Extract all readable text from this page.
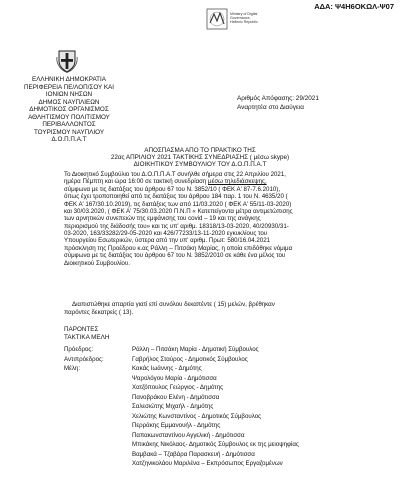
ΑΔΑ: Ψ4Η6ΟΚΩΛ-Ψ07
Ministry of Digital
Governance,
Hellenic Republic
ΕΛΛΗΝΙΚΗ ΔΗΜΟΚΡΑΤΙΑ
ΠΕΡΙΦΕΡΕΙΑ ΠΕ/ΛΟΠ/ΣΟΥ ΚΑΙ
ΙΟΝΙΩΝ ΝΗΣΩΝ
ΔΗΜΟΣ ΝΑΥΠΛΙΕΩΝ
ΔΗΜΟΤΙΚΟΣ ΟΡΓΑΝΙΣΜΟΣ
ΑΘΛΗΤΙΣΜΟΥ ΠΟΛΙΤΙΣΜΟΥ
ΠΕΡΙΒΑΛΛΟΝΤΟΣ
ΤΟΥΡΙΣΜΟΥ ΝΑΥΠΛΙΟΥ
Δ.Ο.Π.Π.Α.Τ
Αριθμός Απόφασης: 29/2021
Αναρτητέα στο Διαύγεια
ΑΠΟΣΠΑΣΜΑ ΑΠΟ ΤΟ ΠΡΑΚΤΙΚΟ ΤΗΣ
22ας ΑΠΡΙΛΙΟΥ 2021 ΤΑΚΤΙΚΗΣ ΣΥΝΕΔΡΙΑΣΗΣ ( μέσω skype)
ΔΙΟΙΚΗΤΙΚΟΥ ΣΥΜΒΟΥΛΙΟΥ ΤΟΥ Δ.Ο.Π.Π.Α.Τ
Το Διοικητικό Συμβούλιο του Δ.Ο.Π.Π.Α.Τ συνήλθε σήμερα στις 22 Απριλίου 2021,
ημέρα Πέμπτη και ώρα 16:00 σε τακτική συνεδρίαση μέσω τηλεδιάσκεψης,
σύμφωνα με τις διατάξεις του άρθρου 67 του Ν. 3852/10 ( ΦΕΚ Α' 87-7.6.2010),
όπως έχει τροποποιηθεί από τις διατάξεις του άρθρου 184 παρ. 1 του Ν. 4635/20 (
ΦΕΚ Α' 167/30.10.2019), τις διατάξεις των από 11/03.2020 ( ΦΕΚ Α' 55/11-03-2020)
και 30/03.2020, ( ΦΕΚ Α' 75/30.03.2020 Π.Ν.Π « Κατεπείγοντα μέτρα αντιμετώπισης
των αρνητικών συνεπειών της εμφάνισης του covid – 19 και της ανάγκης
περιορισμού της διάδοσής του» και τις υπ' αριθμ. 18318/13-03-2020, 40/20930/31-
03-2020, 163/33282/29-05-2020 και 426/77233/13-11-2020 εγκυκλίους του
Υπουργείου Εσωτερικών, ύστερα από την υπ' αριθμ. Πρωτ: 580/16.04.2021
πρόσκληση της Προέδρου κ.ας Ράλλη – Πιτσάκη Μαρίας, η οποία επιδόθηκε νόμιμα
σύμφωνα με τις διατάξεις του άρθρου 67 του Ν. 3852/2010 σε κάθε ένα μέλος του
Διοικητικού Συμβουλίου.
Διαπιστώθηκε απαρτία γιατί επί συνόλου δεκαπέντε ( 15) μελών, βρέθηκαν
παρόντες δεκατρείς ( 13).
ΠΑΡΟΝΤΕΣ
ΤΑΚΤΙΚΑ ΜΕΛΗ
Πρόεδρος:	Ράλλη – Πιτσάκη Μαρία - Δημοτική Σύμβουλος
Αντιπρόεδρος:	Γαβρήλος Σταύρος - Δημοτικός Σύμβουλος
Μέλη:	Κακάς Ιωάννης - Δημότης
Ψαρολόγου Μαρία - Δημότισσα
Χατζόπουλος Γεώργιος - Δημότης
Πανοβράκου Ελένη - Δημότισσα
Σαλεσιώτης Μιχαήλ - Δημότης
Χελιώτης Κωνσταντίνος - Δημοτικός Σύμβουλος
Περράκης Εμμανουήλ - Δημότης
Παπακωνσταντίνου Αγγελική - Δημότισσα
Μπικάκης Νικόλαος- Δημοτικός Σύμβουλος εκ της μειοψηφίας
Βαμβακά – Τζαβάρα Παρασκευή - Δημότισσα
Χατζηνικολάου Μαριλένα – Εκπρόσωπος Εργαζομένων
